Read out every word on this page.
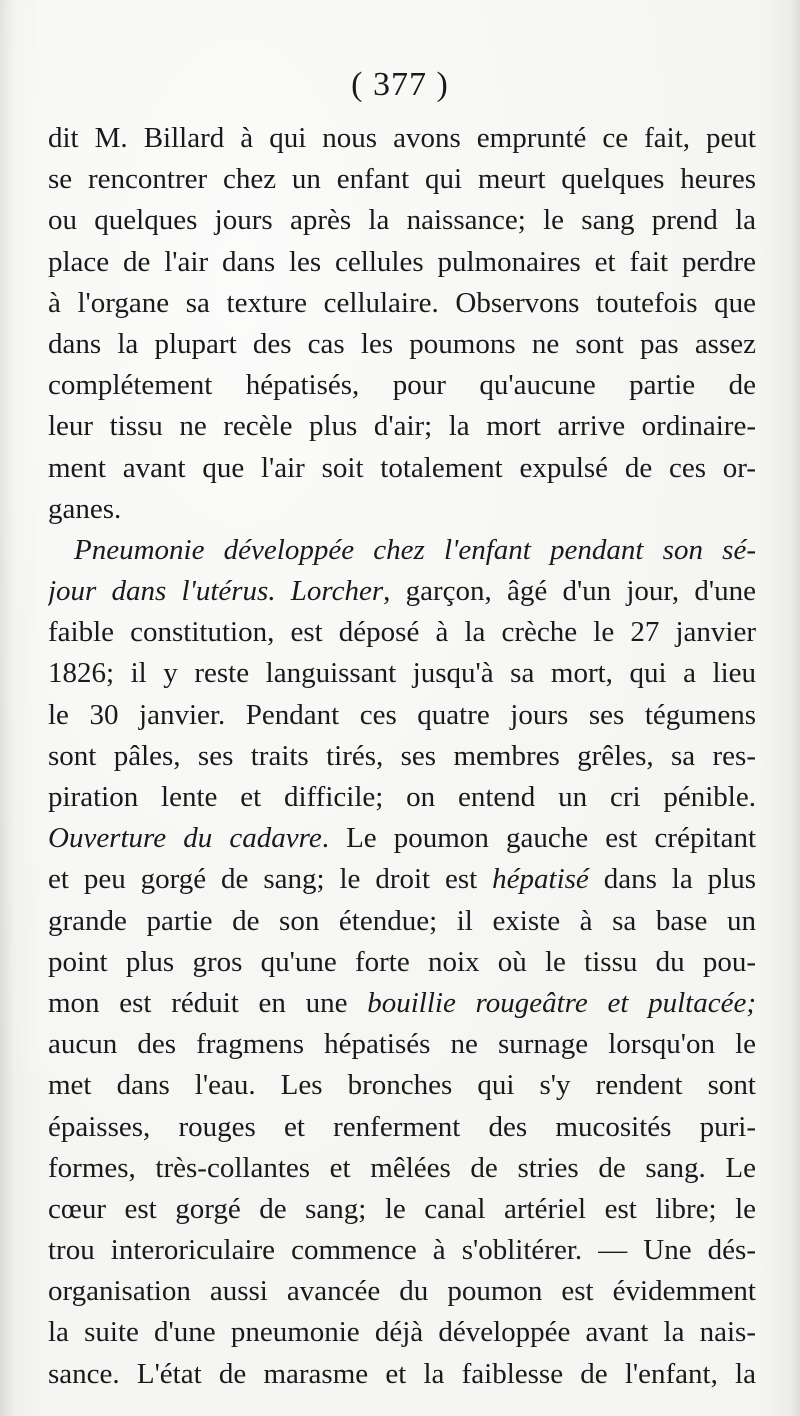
( 377 )
dit M. Billard à qui nous avons emprunté ce fait, peut
se rencontrer chez un enfant qui meurt quelques heures
ou quelques jours après la naissance; le sang prend la
place de l'air dans les cellules pulmonaires et fait perdre
à l'organe sa texture cellulaire. Observons toutefois que
dans la plupart des cas les poumons ne sont pas assez
complétement hépatisés, pour qu'aucune partie de
leur tissu ne recèle plus d'air; la mort arrive ordinaire-
ment avant que l'air soit totalement expulsé de ces or-
ganes.
Pneumonie développée chez l'enfant pendant son sé-
jour dans l'utérus. Lorcher, garçon, âgé d'un jour, d'une
faible constitution, est déposé à la crèche le 27 janvier
1826; il y reste languissant jusqu'à sa mort, qui a lieu
le 30 janvier. Pendant ces quatre jours ses tégumens
sont pâles, ses traits tirés, ses membres grêles, sa res-
piration lente et difficile; on entend un cri pénible.
Ouverture du cadavre. Le poumon gauche est crépitant
et peu gorgé de sang; le droit est hépatisé dans la plus
grande partie de son étendue; il existe à sa base un
point plus gros qu'une forte noix où le tissu du pou-
mon est réduit en une bouillie rougeâtre et pultacée;
aucun des fragmens hépatisés ne surnage lorsqu'on le
met dans l'eau. Les bronches qui s'y rendent sont
épaisses, rouges et renferment des mucosités puri-
formes, très-collantes et mêlées de stries de sang. Le
cœur est gorgé de sang; le canal artériel est libre; le
trou interoriculaire commence à s'oblitérer. — Une dés-
organisation aussi avancée du poumon est évidemment
la suite d'une pneumonie déjà développée avant la nais-
sance. L'état de marasme et la faiblesse de l'enfant, la
